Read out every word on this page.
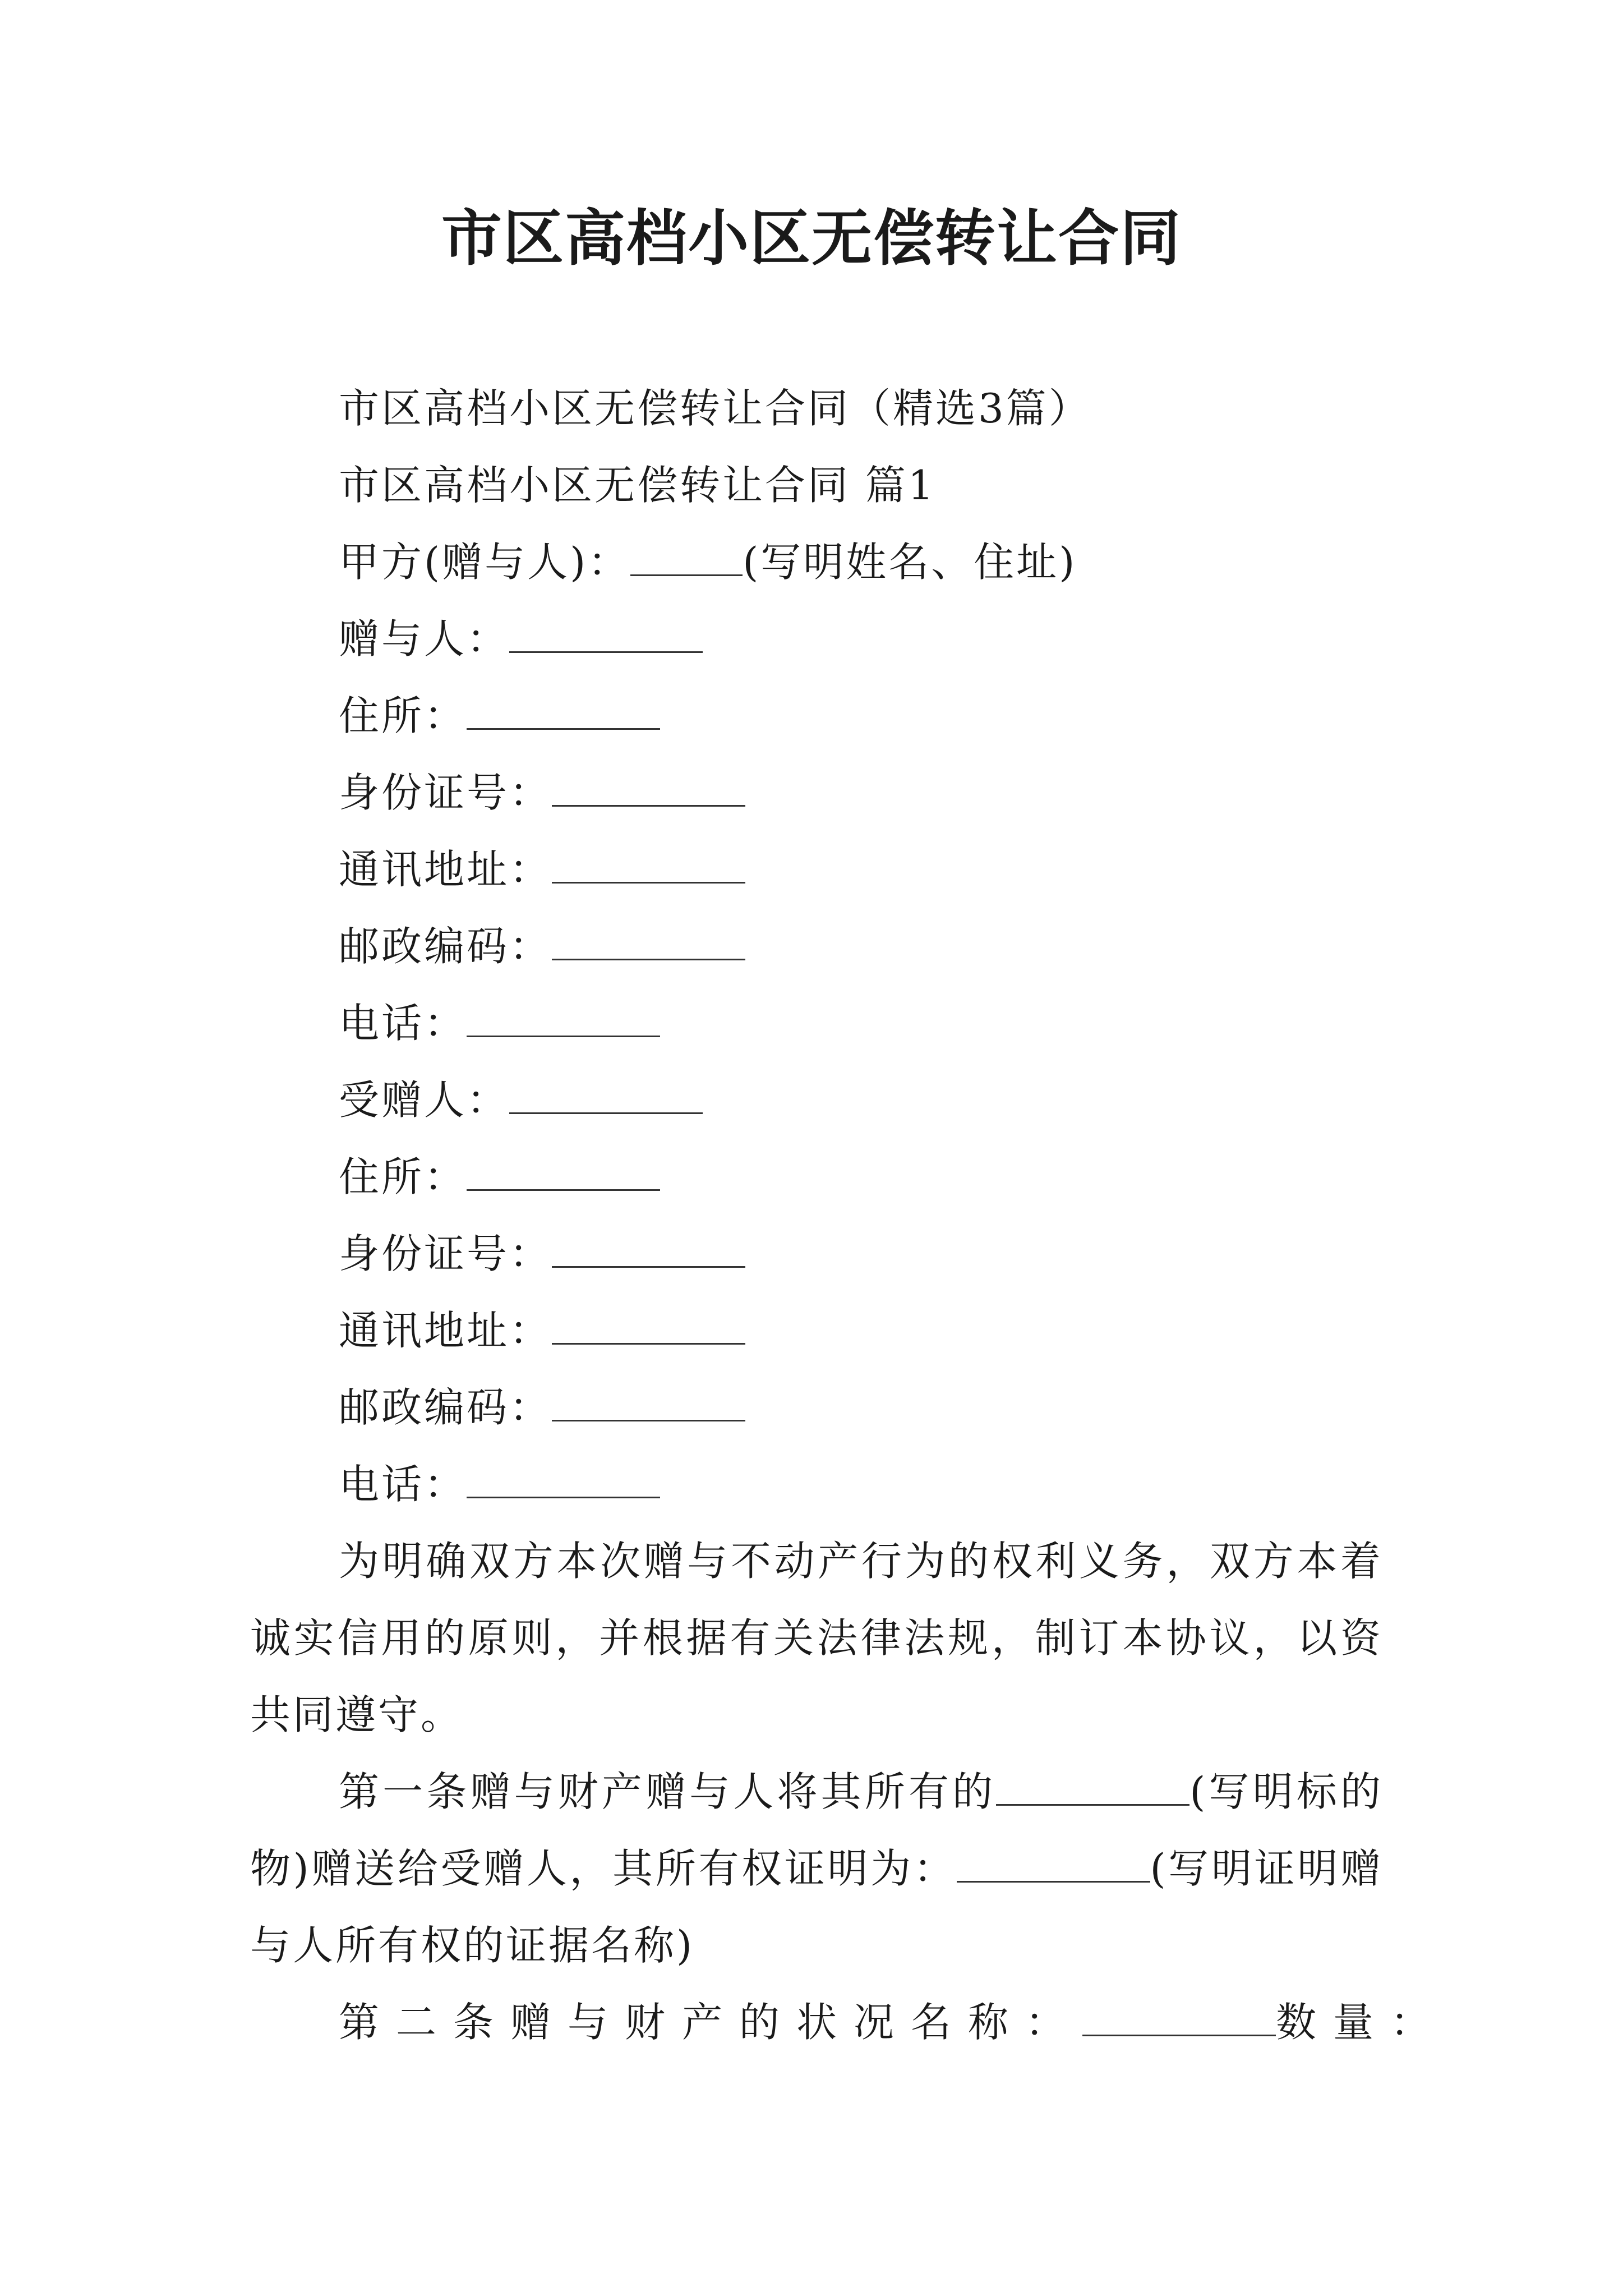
市区高档小区无偿转让合同
市区高档小区无偿转让合同（精选3篇）
市区高档小区无偿转让合同 篇1
甲方(赠与人)：	(写明姓名、住址)
赠与人：
住所：
身份证号：
通讯地址：
邮政编码：
电话：
受赠人：
住所：
身份证号：
通讯地址：
邮政编码：
电话：
为明确双方本次赠与不动产行为的权利义务，双方本着诚实信用的原则，并根据有关法律法规，制订本协议，以资共同遵守。
第一条赠与财产赠与人将其所有的	(写明标的物)赠送给受赠人，其所有权证明为：	(写明证明赠与人所有权的证据名称)
第二条赠与财产的状况名称：	数量：
